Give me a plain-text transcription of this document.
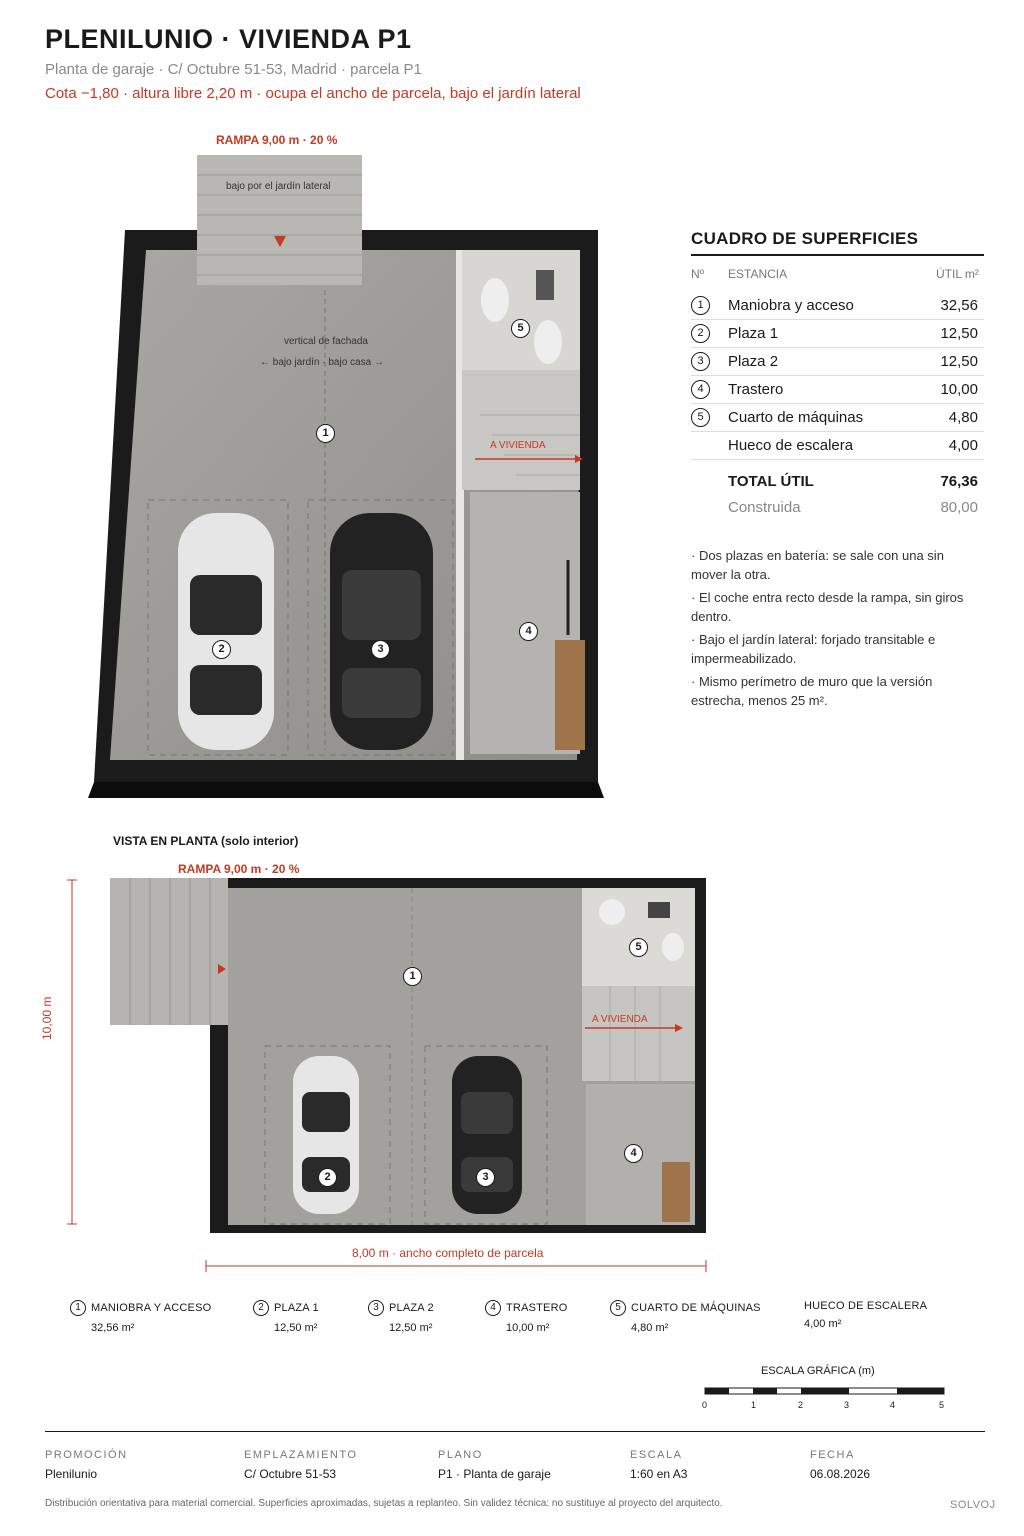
PLENILUNIO · VIVIENDA P1
Planta de garaje · C/ Octubre 51-53, Madrid · parcela P1
Cota −1,80 · altura libre 2,20 m · ocupa el ancho de parcela, bajo el jardín lateral
RAMPA 9,00 m · 20 %
bajo por el jardín lateral
vertical de fachada
← bajo jardín · bajo casa →
A VIVIENDA
1
2	3
4
5
CUADRO DE SUPERFICIES
Nº ESTANCIA	ÚTIL m²
1	Maniobra y acceso	32,56
2	Plaza 1	12,50
3	Plaza 2	12,50
4	Trastero	10,00
5	Cuarto de máquinas	4,80
Hueco de escalera	4,00
TOTAL ÚTIL	76,36
Construida	80,00

· Dos plazas en batería: se sale con una sin mover la otra.

· El coche entra recto desde la rampa, sin giros dentro.

· Bajo el jardín lateral: forjado transitable e impermeabilizado.

· Mismo perímetro de muro que la versión estrecha, menos 25 m².

VISTA EN PLANTA (solo interior)
RAMPA 9,00 m · 20 %
10,00 m
8,00 m · ancho completo de parcela
A VIVIENDA
1
2	3
4
5
1 MANIOBRA Y ACCESO
32,56 m²
2 PLAZA 1
12,50 m²
3 PLAZA 2
12,50 m²
4 TRASTERO
10,00 m²
5 CUARTO DE MÁQUINAS
4,80 m²
HUECO DE ESCALERA
4,00 m²
ESCALA GRÁFICA (m)
0	1	2	3	4	5
PROMOCIÓN
Plenilunio
EMPLAZAMIENTO
C/ Octubre 51-53
PLANO
P1 · Planta de garaje
ESCALA
1:60 en A3
FECHA
06.08.2026
Distribución orientativa para material comercial. Superficies aproximadas, sujetas a replanteo. Sin validez técnica: no sustituye al proyecto del arquitecto.	SOLVOJ
